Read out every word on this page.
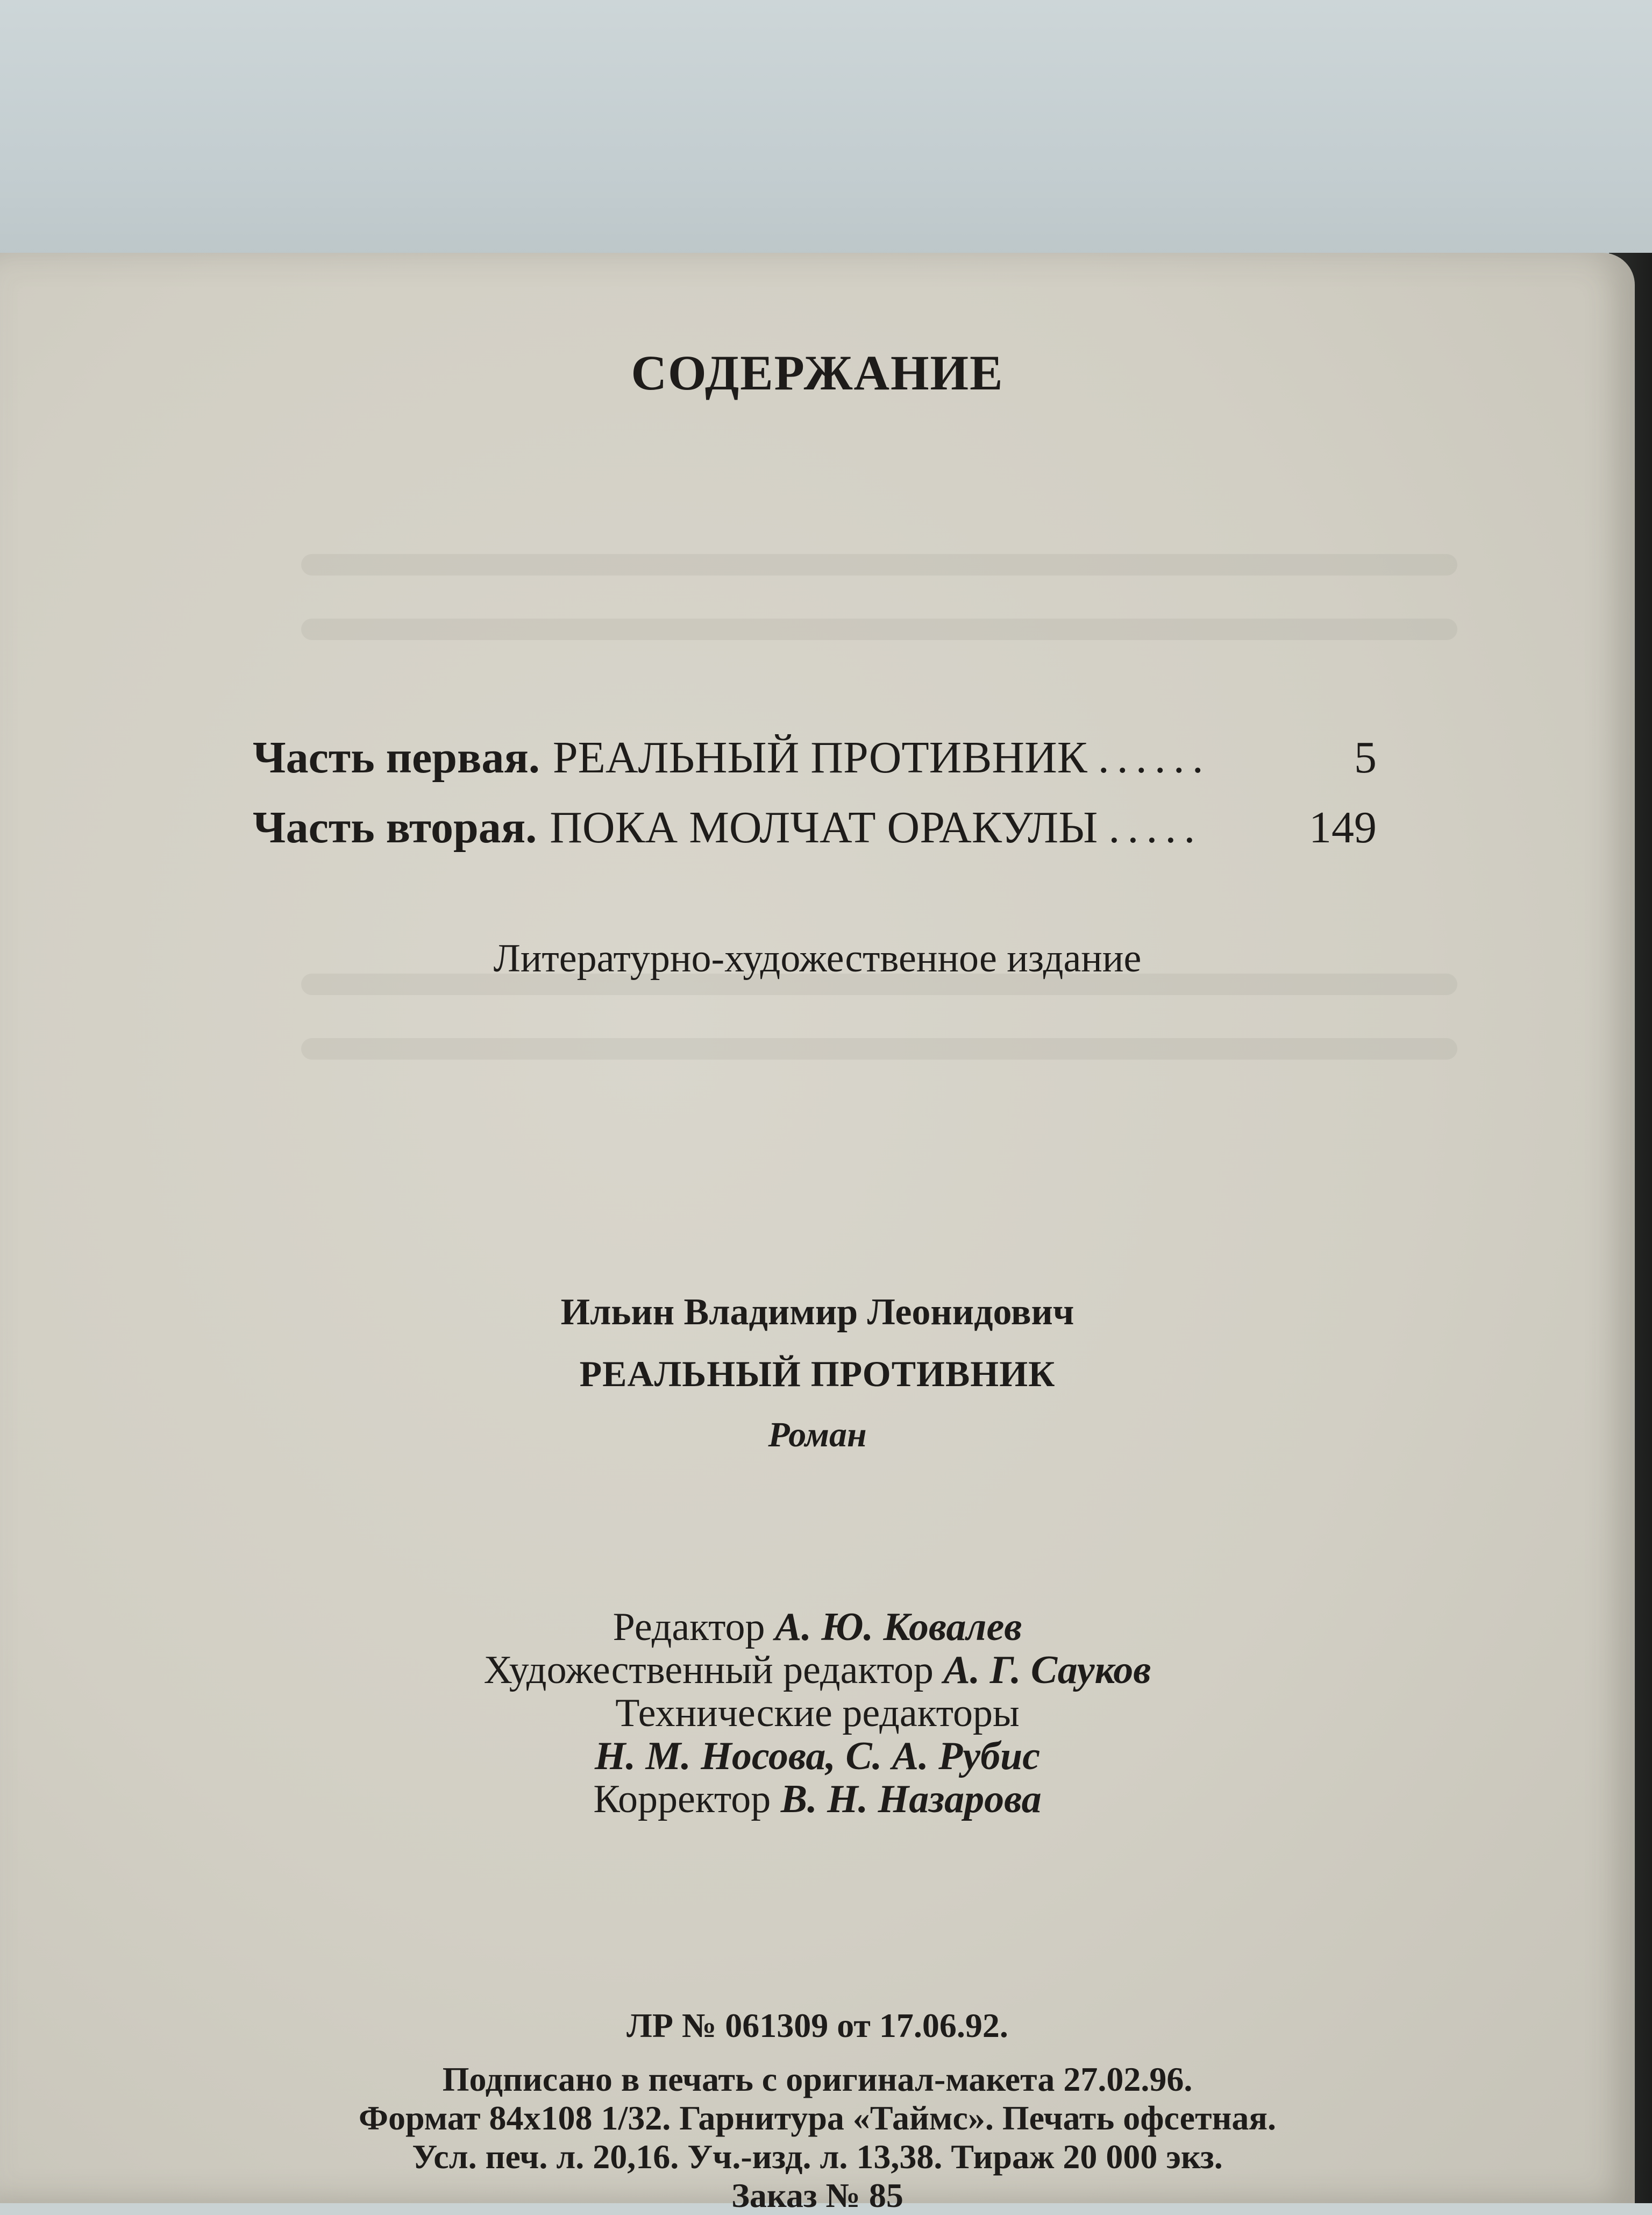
СОДЕРЖАНИЕ
Часть первая. РЕАЛЬНЫЙ ПРОТИВНИК ......	5
Часть вторая. ПОКА МОЛЧАТ ОРАКУЛЫ .....	149
Литературно-художественное издание
Ильин Владимир Леонидович
РЕАЛЬНЫЙ ПРОТИВНИК
Роман
Редактор А. Ю. Ковалев
Художественный редактор А. Г. Сауков
Технические редакторы
Н. М. Носова, С. А. Рубис
Корректор В. Н. Назарова
ЛР № 061309 от 17.06.92.
Подписано в печать с оригинал-макета 27.02.96.
Формат 84x108 1/32. Гарнитура «Таймс». Печать офсетная.
Усл. печ. л. 20,16. Уч.-изд. л. 13,38. Тираж 20 000 экз.
Заказ № 85
